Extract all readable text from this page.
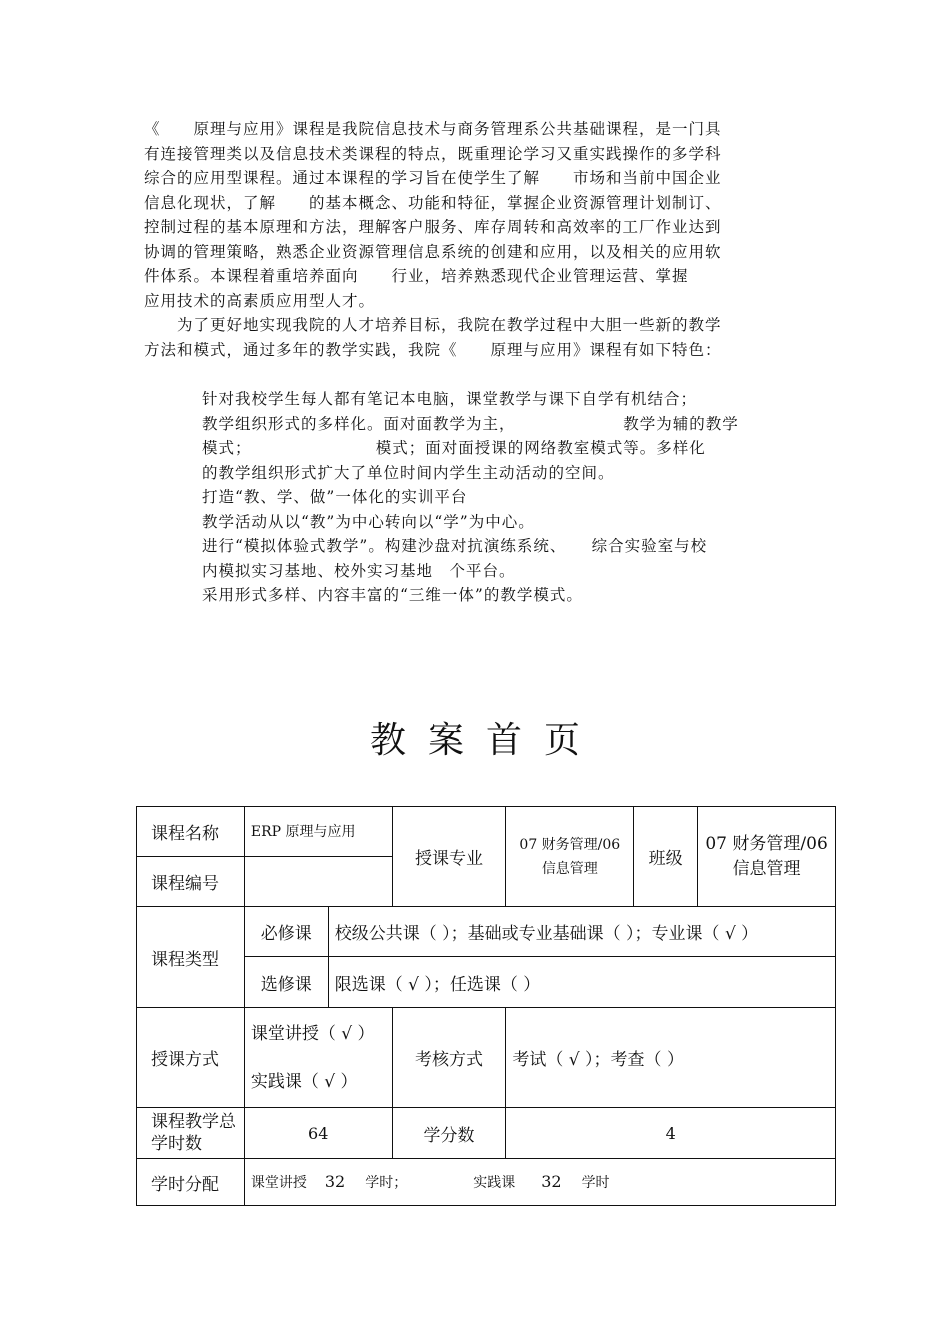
《　　原理与应用》课程是我院信息技术与商务管理系公共基础课程，是一门具
有连接管理类以及信息技术类课程的特点，既重理论学习又重实践操作的多学科
综合的应用型课程。通过本课程的学习旨在使学生了解　　市场和当前中国企业
信息化现状，了解　　的基本概念、功能和特征，掌握企业资源管理计划制订、
控制过程的基本原理和方法，理解客户服务、库存周转和高效率的工厂作业达到
协调的管理策略，熟悉企业资源管理信息系统的创建和应用，以及相关的应用软
件体系。本课程着重培养面向　　行业，培养熟悉现代企业管理运营、掌握
应用技术的高素质应用型人才。
　　为了更好地实现我院的人才培养目标，我院在教学过程中大胆一些新的教学
方法和模式，通过多年的教学实践，我院《　　原理与应用》课程有如下特色：
针对我校学生每人都有笔记本电脑，课堂教学与课下自学有机结合；
教学组织形式的多样化。面对面教学为主，　　　　　　　教学为辅的教学
模式；　　　　　　　　模式；面对面授课的网络教室模式等。多样化
的教学组织形式扩大了单位时间内学生主动活动的空间。
打造“教、学、做”一体化的实训平台
教学活动从以“教”为中心转向以“学”为中心。
进行“模拟体验式教学”。构建沙盘对抗演练系统、　　综合实验室与校
内模拟实习基地、校外实习基地　个平台。
采用形式多样、内容丰富的“三维一体”的教学模式。
教案首页
课程名称	ERP 原理与应用		授课专业	07 财务管理/06 信息管理	班级	07 财务管理/06 信息管理
课程编号						
课程类型	必修课	校级公共课（ ）；基础或专业基础课（ ）；专业课（ √ ）				
	选修课	限选课（ √ ）；任选课（ ）				
授课方式	课堂讲授（ √ ）
实践课（ √ ）		考核方式	考试（ √ ）；考查（ ）		
课程教学总学时数	64		学分数	4		
学时分配	课堂讲授 32 学时； 实践课 32 学时					
